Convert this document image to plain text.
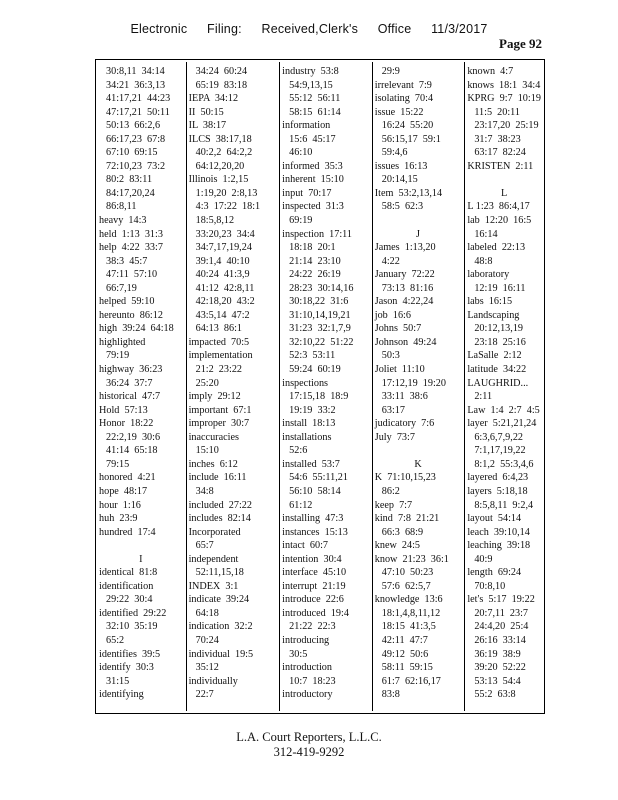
Electronic Filing: Received,Clerk's Office 11/3/2017
Page 92
30:8,11  34:14
34:21  36:3,13
41:17,21  44:23
47:17,21  50:11
50:13  66:2,6
66:17,23  67:8
67:10  69:15
72:10,23  73:2
80:2  83:11
84:17,20,24
86:8,11
heavy  14:3
held  1:13  31:3
help  4:22  33:7
38:3  45:7
47:11  57:10
66:7,19
helped  59:10
hereunto  86:12
high  39:24  64:18
highlighted
79:19
highway  36:23
36:24  37:7
historical  47:7
Hold  57:13
Honor  18:22
22:2,19  30:6
41:14  65:18
79:15
honored  4:21
hope  48:17
hour  1:16
huh  23:9
hundred  17:4

I
identical  81:8
identification
29:22  30:4
identified  29:22
32:10  35:19
65:2
identifies  39:5
identify  30:3
31:15
identifying
34:24  60:24
65:19  83:18
IEPA  34:12
II  50:15
IL  38:17
ILCS  38:17,18
40:2,2  64:2,2
64:12,20,20
Illinois  1:2,15
1:19,20  2:8,13
4:3  17:22  18:1
18:5,8,12
33:20,23  34:4
34:7,17,19,24
39:1,4  40:10
40:24  41:3,9
41:12  42:8,11
42:18,20  43:2
43:5,14  47:2
64:13  86:1
impacted  70:5
implementation
21:2  23:22
25:20
imply  29:12
important  67:1
improper  30:7
inaccuracies
15:10
inches  6:12
include  16:11
34:8
included  27:22
includes  82:14
Incorporated
65:7
independent
52:11,15,18
INDEX  3:1
indicate  39:24
64:18
indication  32:2
70:24
individual  19:5
35:12
individually
22:7
industry  53:8
54:9,13,15
55:12  56:11
58:15  61:14
information
15:6  45:17
46:10
informed  35:3
inherent  15:10
input  70:17
inspected  31:3
69:19
inspection  17:11
18:18  20:1
21:14  23:10
24:22  26:19
28:23  30:14,16
30:18,22  31:6
31:10,14,19,21
31:23  32:1,7,9
32:10,22  51:22
52:3  53:11
59:24  60:19
inspections
17:15,18  18:9
19:19  33:2
install  18:13
installations
52:6
installed  53:7
54:6  55:11,21
56:10  58:14
61:12
installing  47:3
instances  15:13
intact  60:7
intention  30:4
interface  45:10
interrupt  21:19
introduce  22:6
introduced  19:4
21:22  22:3
introducing
30:5
introduction
10:7  18:23
introductory
29:9
irrelevant  7:9
isolating  70:4
issue  15:22
16:24  55:20
56:15,17  59:1
59:4,6
issues  16:13
20:14,15
Item  53:2,13,14
58:5  62:3

J
James  1:13,20
4:22
January  72:22
73:13  81:16
Jason  4:22,24
job  16:6
Johns  50:7
Johnson  49:24
50:3
Joliet  11:10
17:12,19  19:20
33:11  38:6
63:17
judicatory  7:6
July  73:7

K
K  71:10,15,23
86:2
keep  7:7
kind  7:8  21:21
66:3  68:9
knew  24:5
know  21:23  36:1
47:10  50:23
57:6  62:5,7
knowledge  13:6
18:1,4,8,11,12
18:15  41:3,5
42:11  47:7
49:12  50:6
58:11  59:15
61:7  62:16,17
83:8
known  4:7
knows  18:1  34:4
KPRG  9:7  10:19
11:5  20:11
23:17,20  25:19
31:7  38:23
63:17  82:24
KRISTEN  2:11

L
L 1:23  86:4,17
lab  12:20  16:5
16:14
labeled  22:13
48:8
laboratory
12:19  16:11
labs  16:15
Landscaping
20:12,13,19
23:18  25:16
LaSalle  2:12
latitude  34:22
LAUGHRID...
2:11
Law  1:4  2:7  4:5
layer  5:21,21,24
6:3,6,7,9,22
7:1,17,19,22
8:1,2  55:3,4,6
layered  6:4,23
layers  5:18,18
8:5,8,11  9:2,4
layout  54:14
leach  39:10,14
leaching  39:18
40:9
length  69:24
70:8,10
let's  5:17  19:22
20:7,11  23:7
24:4,20  25:4
26:16  33:14
36:19  38:9
39:20  52:22
53:13  54:4
55:2  63:8
L.A. Court Reporters, L.L.C.
312-419-9292
